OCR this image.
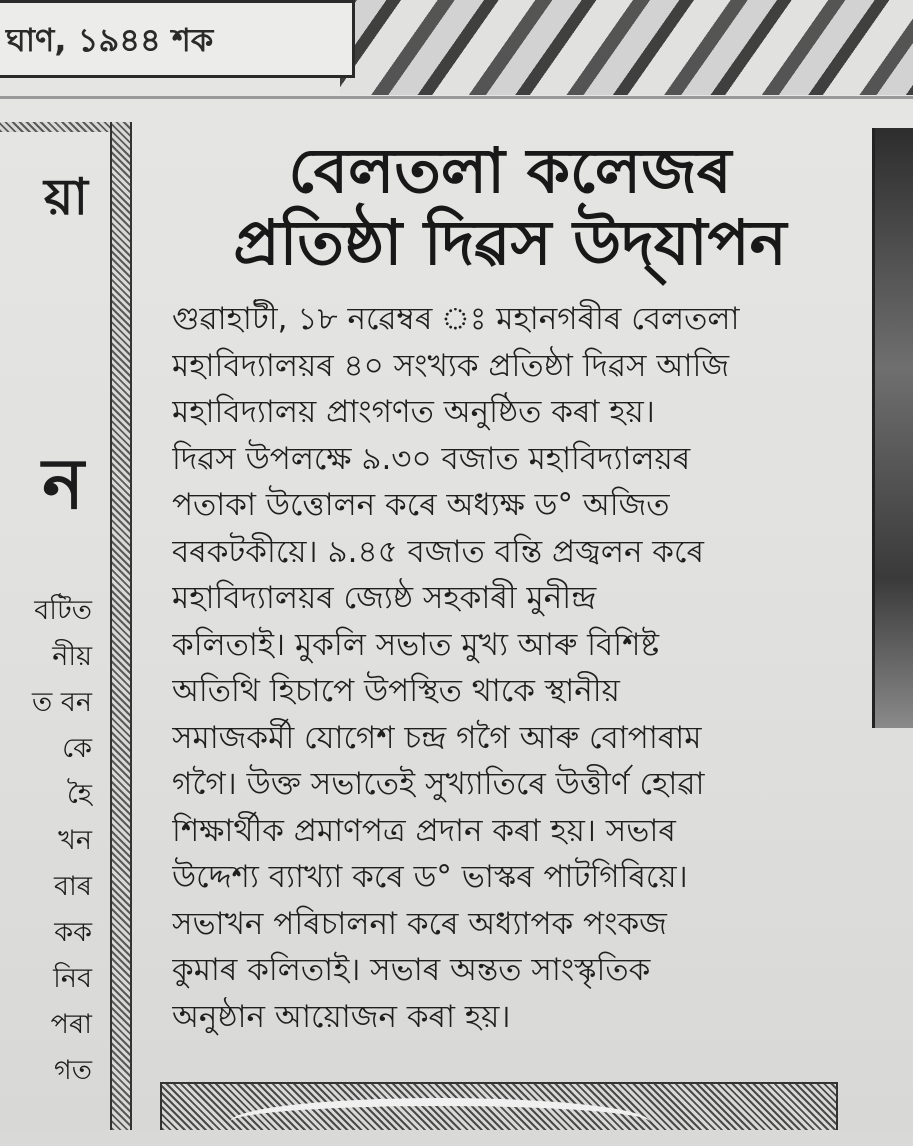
ঘাণ, ১৯৪৪ শক
য়া
ন
বটিত
নীয়
ত বন
কে
হৈ
খন
বাৰ
কক
নিব
পৰা
গত
বেলতলা কলেজৰ
প্ৰতিষ্ঠা দিৱস উদ্‌যাপন
গুৱাহাটী, ১৮ নৱেম্বৰ ঃ মহানগৰীৰ বেলতলা
মহাবিদ্যালয়ৰ ৪০ সংখ্যক প্ৰতিষ্ঠা দিৱস আজি
মহাবিদ্যালয় প্ৰাংগণত অনুষ্ঠিত কৰা হয়।
দিৱস উপলক্ষে ৯.৩০ বজাত মহাবিদ্যালয়ৰ
পতাকা উত্তোলন কৰে অধ্যক্ষ ড° অজিত
বৰকটকীয়ে। ৯.৪৫ বজাত বন্তি প্ৰজ্বলন কৰে
মহাবিদ্যালয়ৰ জ্যেষ্ঠ সহকাৰী মুনীন্দ্ৰ
কলিতাই। মুকলি সভাত মুখ্য আৰু বিশিষ্ট
অতিথি হিচাপে উপস্থিত থাকে স্থানীয়
সমাজকৰ্মী যোগেশ চন্দ্ৰ গগৈ আৰু বোপাৰাম
গগৈ। উক্ত সভাতেই সুখ্যাতিৰে উত্তীৰ্ণ হোৱা
শিক্ষাৰ্থীক প্ৰমাণপত্ৰ প্ৰদান কৰা হয়। সভাৰ
উদ্দেশ্য ব্যাখ্যা কৰে ড° ভাস্কৰ পাটগিৰিয়ে।
সভাখন পৰিচালনা কৰে অধ্যাপক পংকজ
কুমাৰ কলিতাই। সভাৰ অন্তত সাংস্কৃতিক
অনুষ্ঠান আয়োজন কৰা হয়।
